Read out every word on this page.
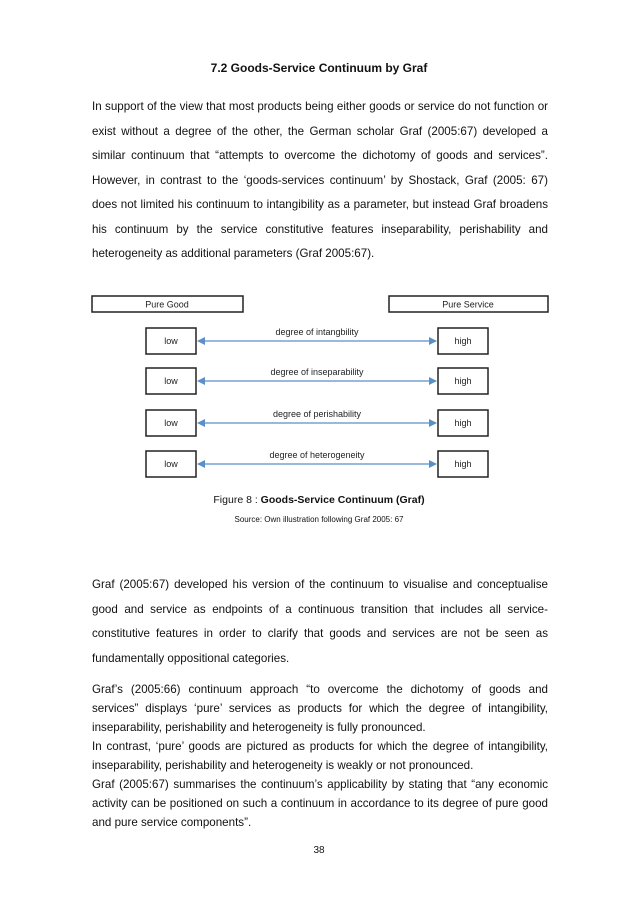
7.2 Goods-Service Continuum by Graf

In support of the view that most products being either goods or service do not function or exist without a degree of the other, the German scholar Graf (2005:67) developed a similar continuum that “attempts to overcome the dichotomy of goods and services”. However, in contrast to the ‘goods-services continuum’ by Shostack, Graf (2005: 67) does not limited his continuum to intangibility as a parameter, but instead Graf broadens his continuum by the service constitutive features inseparability, perishability and heterogeneity as additional parameters (Graf 2005:67).

Pure Good	Pure Service
low
degree of intangbility
high
low
degree of inseparability
high
low
degree of perishability
high
low
degree of heterogeneity
high
Figure 8 : Goods-Service Continuum (Graf)
Source: Own illustration following Graf 2005: 67

Graf (2005:67) developed his version of the continuum to visualise and conceptualise good and service as endpoints of a continuous transition that includes all service-constitutive features in order to clarify that goods and services are not be seen as fundamentally oppositional categories.

Graf’s (2005:66) continuum approach “to overcome the dichotomy of goods and services” displays ‘pure’ services as products for which the degree of intangibility, inseparability, perishability and heterogeneity is fully pronounced.

In contrast, ‘pure’ goods are pictured as products for which the degree of intangibility, inseparability, perishability and heterogeneity is weakly or not pronounced.

Graf (2005:67) summarises the continuum’s applicability by stating that “any economic activity can be positioned on such a continuum in accordance to its degree of pure good and pure service components”.

38
